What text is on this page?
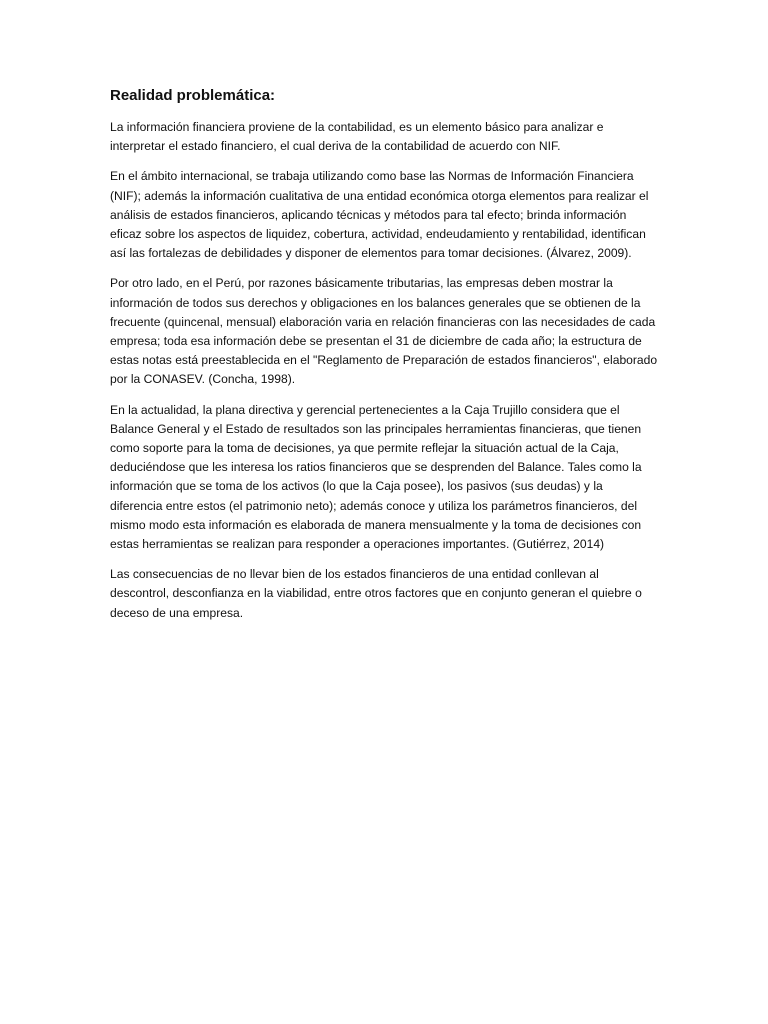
Realidad problemática:

La información financiera proviene de la contabilidad, es un elemento básico para analizar e interpretar el estado financiero, el cual deriva de la contabilidad de acuerdo con NIF.

En el ámbito internacional, se trabaja utilizando como base las Normas de Información Financiera (NIF); además la información cualitativa de una entidad económica otorga elementos para realizar el análisis de estados financieros, aplicando técnicas y métodos para tal efecto; brinda información eficaz sobre los aspectos de liquidez, cobertura, actividad, endeudamiento y rentabilidad, identifican así las fortalezas de debilidades y disponer de elementos para tomar decisiones. (Álvarez, 2009).

Por otro lado, en el Perú, por razones básicamente tributarias, las empresas deben mostrar la información de todos sus derechos y obligaciones en los balances generales que se obtienen de la frecuente (quincenal, mensual) elaboración varia en relación financieras con las necesidades de cada empresa; toda esa información debe se presentan el 31 de diciembre de cada año; la estructura de estas notas está preestablecida en el "Reglamento de Preparación de estados financieros", elaborado por la CONASEV. (Concha, 1998).

En la actualidad, la plana directiva y gerencial pertenecientes a la Caja Trujillo considera que el Balance General y el Estado de resultados son las principales herramientas financieras, que tienen como soporte para la toma de decisiones, ya que permite reflejar la situación actual de la Caja, deduciéndose que les interesa los ratios financieros que se desprenden del Balance. Tales como la información que se toma de los activos (lo que la Caja posee), los pasivos (sus deudas) y la diferencia entre estos (el patrimonio neto); además conoce y utiliza los parámetros financieros, del mismo modo esta información es elaborada de manera mensualmente y la toma de decisiones con estas herramientas se realizan para responder a operaciones importantes. (Gutiérrez, 2014)

Las consecuencias de no llevar bien de los estados financieros de una entidad conllevan al descontrol, desconfianza en la viabilidad, entre otros factores que en conjunto generan el quiebre o deceso de una empresa.
